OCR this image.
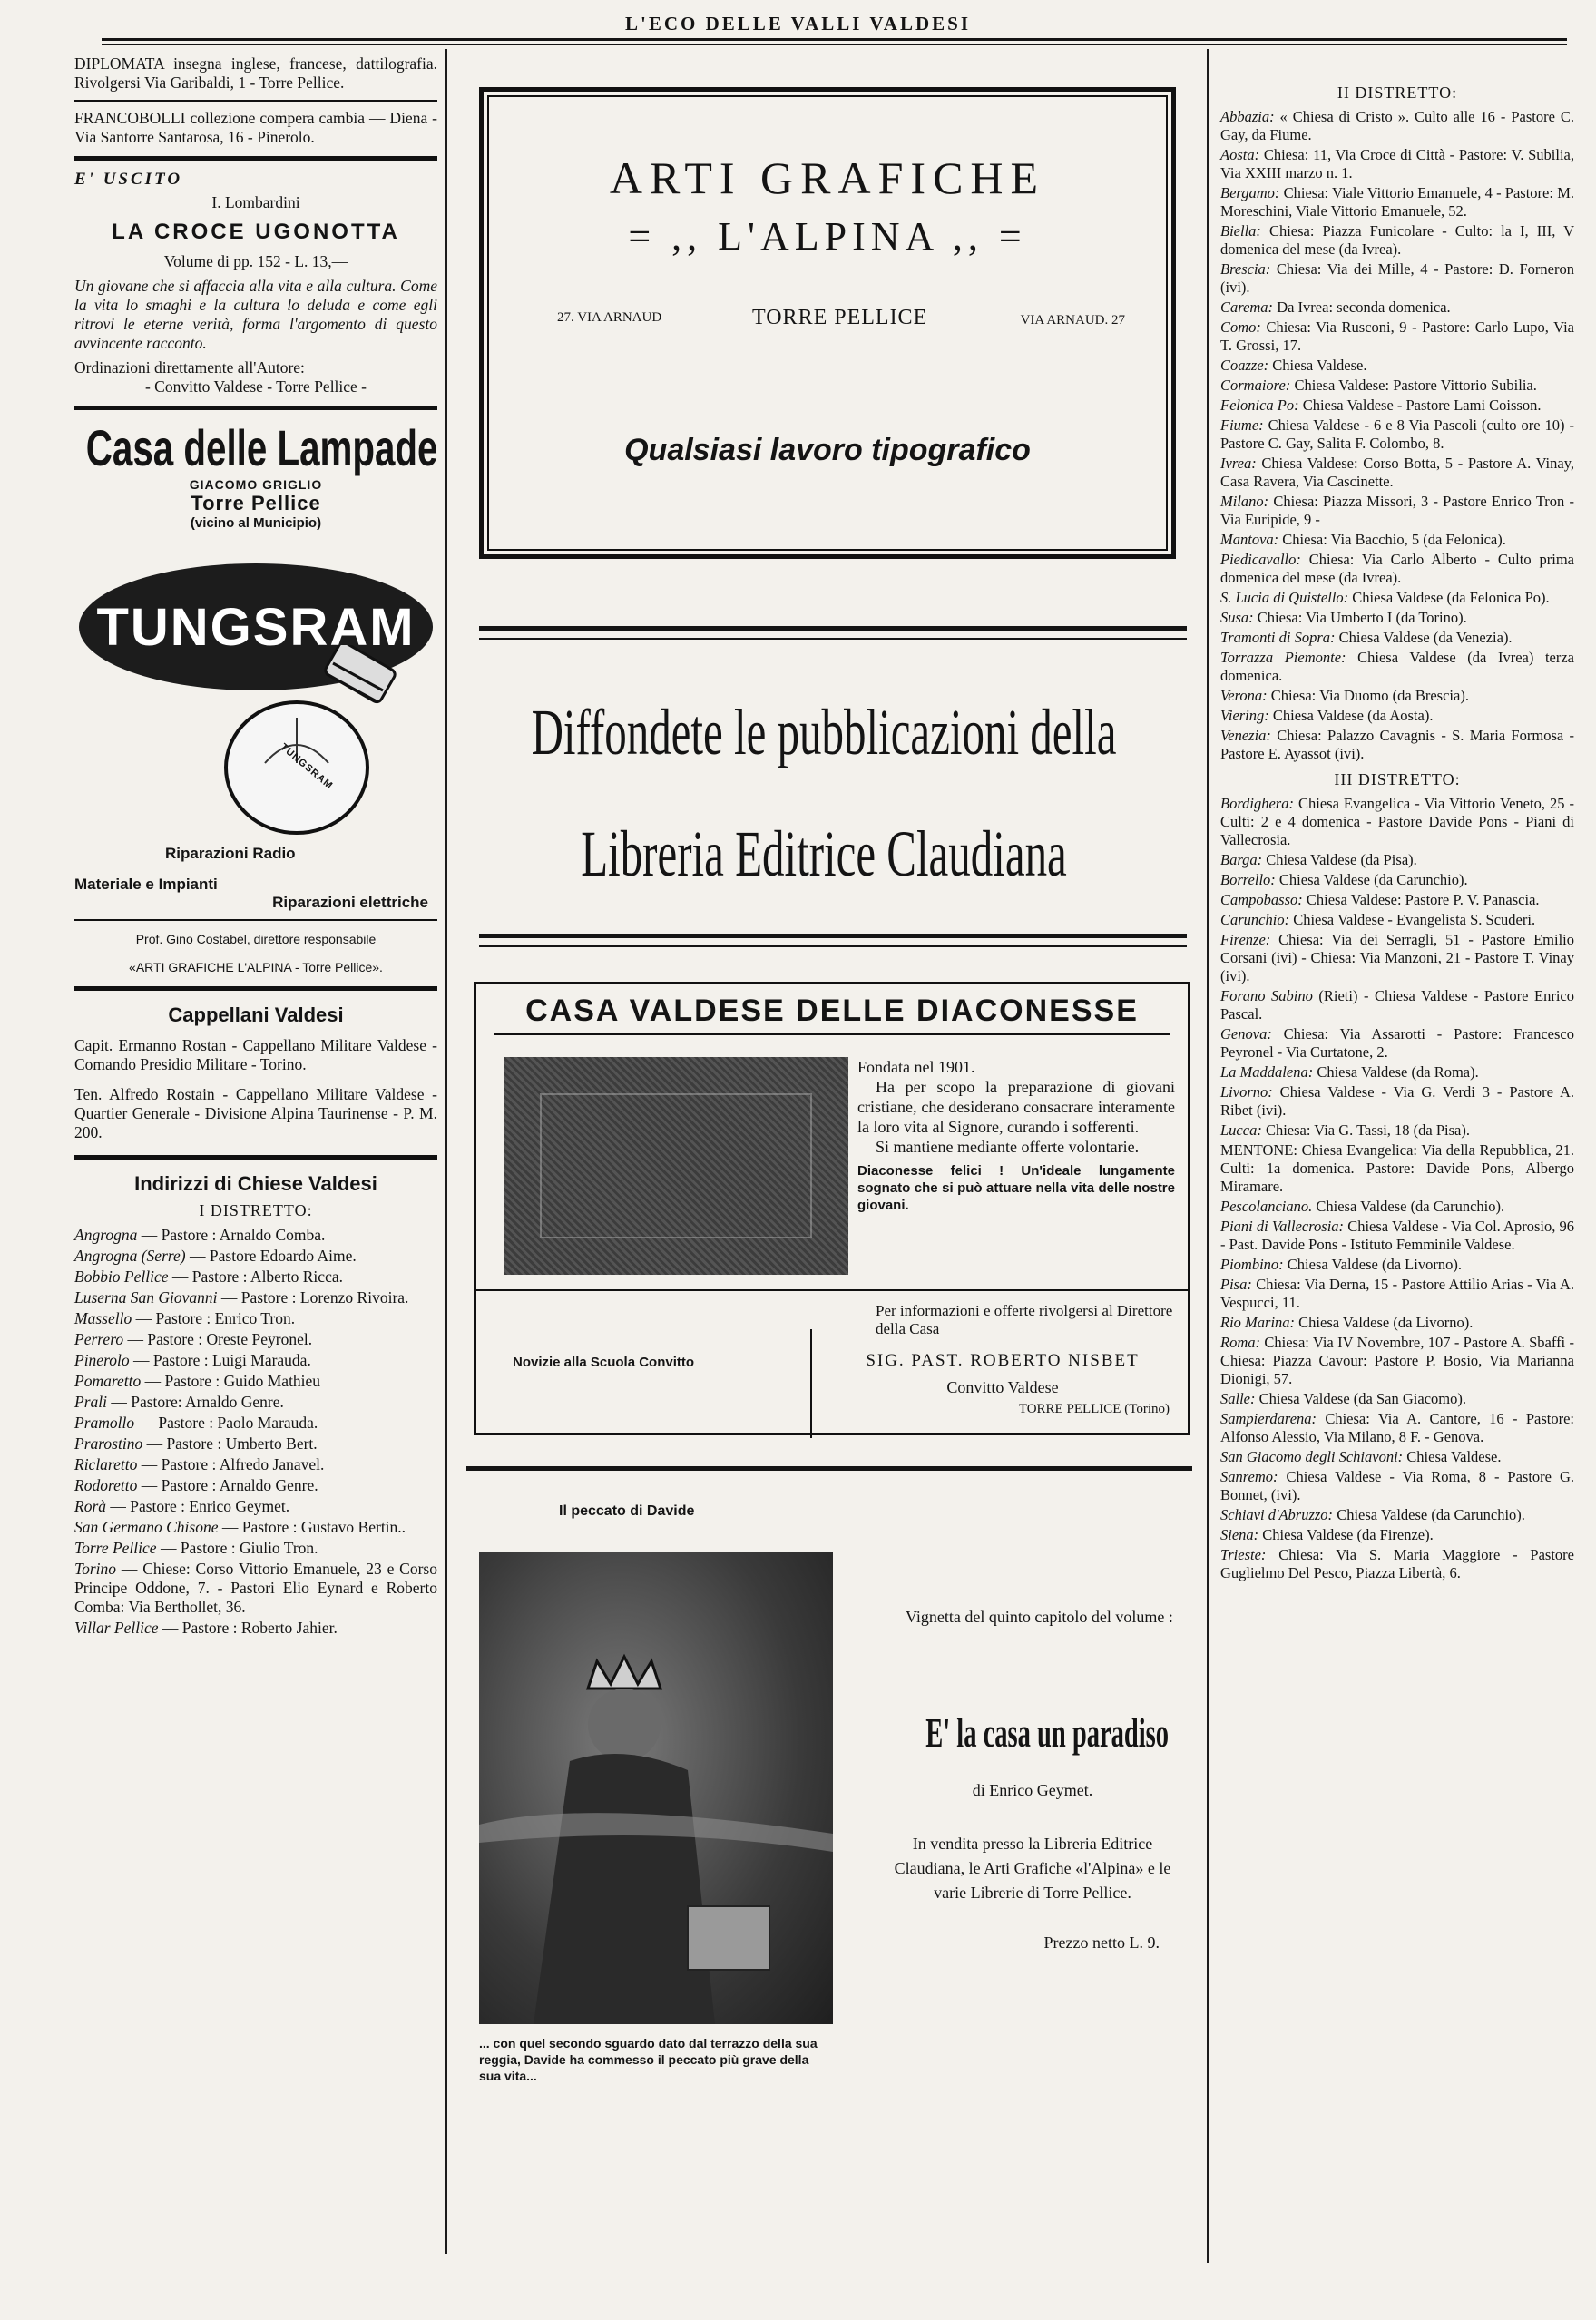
L'ECO DELLE VALLI VALDESI
DIPLOMATA insegna inglese, francese, dattilografia. Rivolgersi Via Garibaldi, 1 - Torre Pellice.
FRANCOBOLLI collezione compera cambia — Diena - Via Santorre Santarosa, 16 - Pinerolo.
E' USCITO
I. Lombardini
LA CROCE UGONOTTA
Volume di pp. 152 - L. 13,—
Un giovane che si affaccia alla vita e alla cultura. Come la vita lo smaghi e la cultura lo deluda e come egli ritrovi le eterne verità, forma l'argomento di questo avvincente racconto.
Ordinazioni direttamente all'Autore:
- Convitto Valdese - Torre Pellice -
Casa delle Lampade
GIACOMO GRIGLIO
Torre Pellice
(vicino al Municipio)
TUNGSRAM
TUNGSRAM
Riparazioni Radio
Materiale e Impianti
Riparazioni elettriche
Prof. Gino Costabel, direttore responsabile
«ARTI GRAFICHE L'ALPINA - Torre Pellice».
Cappellani Valdesi
Capit. Ermanno Rostan - Cappellano Militare Valdese - Comando Presidio Militare - Torino.
Ten. Alfredo Rostain - Cappellano Militare Valdese - Quartier Generale - Divisione Alpina Taurinense - P. M. 200.
Indirizzi di Chiese Valdesi
I DISTRETTO:
Angrogna — Pastore : Arnaldo Comba.
Angrogna (Serre) — Pastore Edoardo Aime.
Bobbio Pellice — Pastore : Alberto Ricca.
Luserna San Giovanni — Pastore : Lorenzo Rivoira.
Massello — Pastore : Enrico Tron.
Perrero — Pastore : Oreste Peyronel.
Pinerolo — Pastore : Luigi Marauda.
Pomaretto — Pastore : Guido Mathieu
Prali — Pastore: Arnaldo Genre.
Pramollo — Pastore : Paolo Marauda.
Prarostino — Pastore : Umberto Bert.
Riclaretto — Pastore : Alfredo Janavel.
Rodoretto — Pastore : Arnaldo Genre.
Rorà — Pastore : Enrico Geymet.
San Germano Chisone — Pastore : Gustavo Bertin..
Torre Pellice — Pastore : Giulio Tron.
Torino — Chiese: Corso Vittorio Emanuele, 23 e Corso Principe Oddone, 7. - Pastori Elio Eynard e Roberto Comba: Via Berthollet, 36.
Villar Pellice — Pastore : Roberto Jahier.
ARTI GRAFICHE
= ,, L'ALPINA ,, =
27. VIA ARNAUD	TORRE PELLICE	VIA ARNAUD. 27
Qualsiasi lavoro tipografico
Diffondete le pubblicazioni della
Libreria Editrice Claudiana
CASA VALDESE DELLE DIACONESSE
Fondata nel 1901.
Ha per scopo la preparazione di giovani cristiane, che desiderano consacrare interamente la loro vita al Signore, curando i sofferenti.
Si mantiene mediante offerte volontarie.
Diaconesse felici ! Un'ideale lungamente sognato che si può attuare nella vita delle nostre giovani.
Novizie alla Scuola Convitto
Per informazioni e offerte rivolgersi al Direttore della Casa
SIG. PAST. ROBERTO NISBET
Convitto Valdese
TORRE PELLICE (Torino)
Il peccato di Davide
... con quel secondo sguardo dato dal terrazzo della sua reggia, Davide ha commesso il peccato più grave della sua vita...
Vignetta del quinto capitolo del volume :
E' la casa un paradiso
di Enrico Geymet.
In vendita presso la Libreria Editrice Claudiana, le Arti Grafiche «l'Alpina» e le varie Librerie di Torre Pellice.
Prezzo netto L. 9.
II DISTRETTO:
Abbazia: « Chiesa di Cristo ». Culto alle 16 - Pastore C. Gay, da Fiume.
Aosta: Chiesa: 11, Via Croce di Città - Pastore: V. Subilia, Via XXIII marzo n. 1.
Bergamo: Chiesa: Viale Vittorio Emanuele, 4 - Pastore: M. Moreschini, Viale Vittorio Emanuele, 52.
Biella: Chiesa: Piazza Funicolare - Culto: la I, III, V domenica del mese (da Ivrea).
Brescia: Chiesa: Via dei Mille, 4 - Pastore: D. Forneron (ivi).
Carema: Da Ivrea: seconda domenica.
Como: Chiesa: Via Rusconi, 9 - Pastore: Carlo Lupo, Via T. Grossi, 17.
Coazze: Chiesa Valdese.
Cormaiore: Chiesa Valdese: Pastore Vittorio Subilia.
Felonica Po: Chiesa Valdese - Pastore Lami Coisson.
Fiume: Chiesa Valdese - 6 e 8 Via Pascoli (culto ore 10) - Pastore C. Gay, Salita F. Colombo, 8.
Ivrea: Chiesa Valdese: Corso Botta, 5 - Pastore A. Vinay, Casa Ravera, Via Cascinette.
Milano: Chiesa: Piazza Missori, 3 - Pastore Enrico Tron - Via Euripide, 9 -
Mantova: Chiesa: Via Bacchio, 5 (da Felonica).
Piedicavallo: Chiesa: Via Carlo Alberto - Culto prima domenica del mese (da Ivrea).
S. Lucia di Quistello: Chiesa Valdese (da Felonica Po).
Susa: Chiesa: Via Umberto I (da Torino).
Tramonti di Sopra: Chiesa Valdese (da Venezia).
Torrazza Piemonte: Chiesa Valdese (da Ivrea) terza domenica.
Verona: Chiesa: Via Duomo (da Brescia).
Viering: Chiesa Valdese (da Aosta).
Venezia: Chiesa: Palazzo Cavagnis - S. Maria Formosa - Pastore E. Ayassot (ivi).
III DISTRETTO:
Bordighera: Chiesa Evangelica - Via Vittorio Veneto, 25 - Culti: 2 e 4 domenica - Pastore Davide Pons - Piani di Vallecrosia.
Barga: Chiesa Valdese (da Pisa).
Borrello: Chiesa Valdese (da Carunchio).
Campobasso: Chiesa Valdese: Pastore P. V. Panascia.
Carunchio: Chiesa Valdese - Evangelista S. Scuderi.
Firenze: Chiesa: Via dei Serragli, 51 - Pastore Emilio Corsani (ivi) - Chiesa: Via Manzoni, 21 - Pastore T. Vinay (ivi).
Forano Sabino (Rieti) - Chiesa Valdese - Pastore Enrico Pascal.
Genova: Chiesa: Via Assarotti - Pastore: Francesco Peyronel - Via Curtatone, 2.
La Maddalena: Chiesa Valdese (da Roma).
Livorno: Chiesa Valdese - Via G. Verdi 3 - Pastore A. Ribet (ivi).
Lucca: Chiesa: Via G. Tassi, 18 (da Pisa).
MENTONE: Chiesa Evangelica: Via della Repubblica, 21. Culti: 1a domenica. Pastore: Davide Pons, Albergo Miramare.
Pescolanciano. Chiesa Valdese (da Carunchio).
Piani di Vallecrosia: Chiesa Valdese - Via Col. Aprosio, 96 - Past. Davide Pons - Istituto Femminile Valdese.
Piombino: Chiesa Valdese (da Livorno).
Pisa: Chiesa: Via Derna, 15 - Pastore Attilio Arias - Via A. Vespucci, 11.
Rio Marina: Chiesa Valdese (da Livorno).
Roma: Chiesa: Via IV Novembre, 107 - Pastore A. Sbaffi - Chiesa: Piazza Cavour: Pastore P. Bosio, Via Marianna Dionigi, 57.
Salle: Chiesa Valdese (da San Giacomo).
Sampierdarena: Chiesa: Via A. Cantore, 16 - Pastore: Alfonso Alessio, Via Milano, 8 F. - Genova.
San Giacomo degli Schiavoni: Chiesa Valdese.
Sanremo: Chiesa Valdese - Via Roma, 8 - Pastore G. Bonnet, (ivi).
Schiavi d'Abruzzo: Chiesa Valdese (da Carunchio).
Siena: Chiesa Valdese (da Firenze).
Trieste: Chiesa: Via S. Maria Maggiore - Pastore Guglielmo Del Pesco, Piazza Libertà, 6.
